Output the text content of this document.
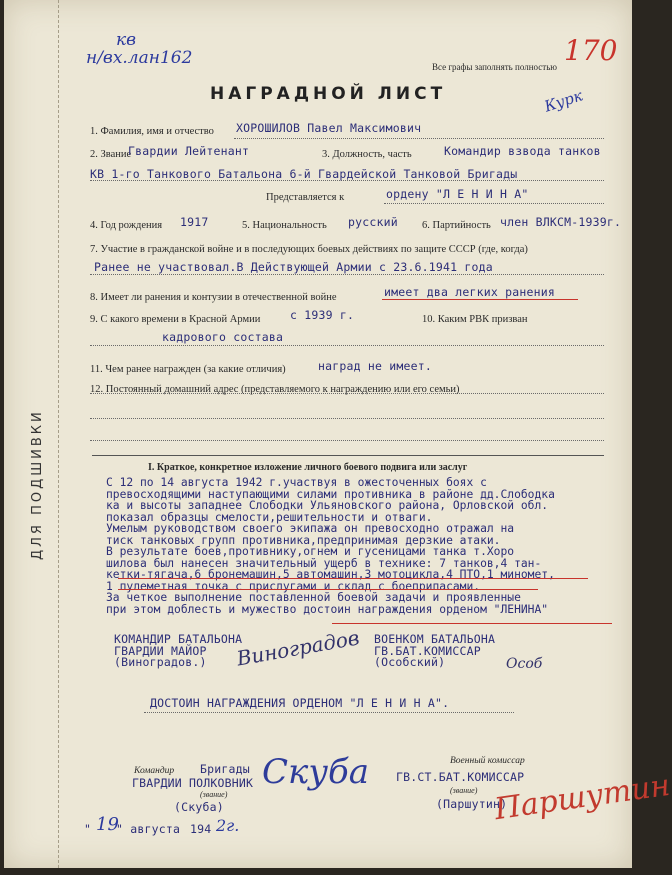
ДЛЯ ПОДШИВКИ
кв
н/вх.лан162	Все графы заполнять полностью 170
Курк
НАГРАДНОЙ ЛИСТ
1. Фамилия, имя и отчество ХОРОШИЛОВ Павел Максимович
2. Звание
Гвардии Лейтенант	3. Должность, часть	Командир взвода танков
КВ 1-го Танкового Батальона 6-й Гвардейской Танковой Бригады
Представляется к	ордену "Л Е Н И Н А"
4. Год рождения 1917	5. Национальность русский 6. Партийность член ВЛКСМ-1939г.
7. Участие в гражданской войне и в последующих боевых действиях по защите СССР (где, когда)
Ранее не участвовал.В Действующей Армии с 23.6.1941 года
8. Имеет ли ранения и контузии в отечественной войне	имеет два легких ранения
9. С какого времени в Красной Армии	с 1939 г.	10. Каким РВК призван
кадрового состава
11. Чем ранее награжден (за какие отличия)	наград не имеет.
12. Постоянный домашний адрес (представляемого к награждению или его семьи)
I. Краткое, конкретное изложение личного боевого подвига или заслуг
С 12 по 14 августа 1942 г.участвуя в ожесточенных боях с
превосходящими наступающими силами противника в районе дд.Слободка
ка и высоты западнее Слободки Ульяновского района, Орловской обл.
показал образцы смелости,решительности и отваги.
Умелым руководством своего экипажа он превосходно отражал на
тиск танковых групп противника,предпринимая дерзкие атаки.
В результате боев,противнику,огнем и гусеницами танка т.Хоро
шилова был нанесен значительный ущерб в технике: 7 танков,4 тан-
кетки-тягача,6 бронемашин,5 автомашин,3 мотоцикла,4 ПТО,1 миномет,
1 пулеметная точка с прислугами и склад с боеприпасами.
За четкое выполнение поставленной боевой задачи и проявленные
при этом доблесть и мужество достоин награждения орденом "ЛЕНИНА"
КОМАНДИР БАТАЛЬОНА
ГВАРДИИ МАЙОР
(Виноградов.)	Виноградов ВОЕНКОМ БАТАЛЬОНА
ГВ.БАТ.КОМИССАР
(Особский)	Особ
ДОСТОИН НАГРАЖДЕНИЯ ОРДЕНОМ "Л Е Н И Н А".
Командир Бригады
ГВАРДИИ ПОЛКОВНИК
(звание)
(Скуба)
Скуба	Военный комиссар
ГВ.СТ.БАТ.КОМИССАР
(звание)
(Паршутин)
Паршутин
" 19
" августа 194 2г.
